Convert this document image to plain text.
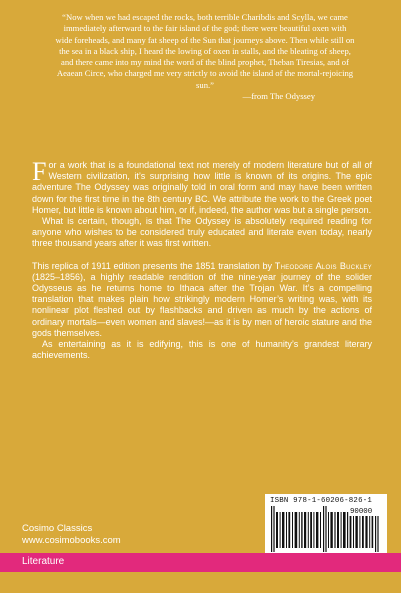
“Now when we had escaped the rocks, both terrible Charibdis and Scylla, we came immediately afterward to the fair island of the god; there were beautiful oxen with wide foreheads, and many fat sheep of the Sun that journeys above. Then while still on the sea in a black ship, I heard the lowing of oxen in stalls, and the bleating of sheep, and there came into my mind the word of the blind prophet, Theban Tiresias, and of Aeaean Circe, who charged me very strictly to avoid the island of the mortal-rejoicing sun.”
—from The Odyssey

For a work that is a foundational text not merely of modern literature but of all of Western civilization, it’s surprising how little is known of its origins. The epic adventure The Odyssey was originally told in oral form and may have been written down for the first time in the 8th century BC. We attribute the work to the Greek poet Homer, but little is known about him, or if, indeed, the author was but a single person.

What is certain, though, is that The Odyssey is absolutely required reading for anyone who wishes to be considered truly educated and literate even today, nearly three thousand years after it was first written.

This replica of 1911 edition presents the 1851 translation by Theodore Alois Buckley (1825–1856), a highly readable rendition of the nine-year journey of the solider Odysseus as he returns home to Ithaca after the Trojan War. It’s a compelling translation that makes plain how strikingly modern Homer’s writing was, with its nonlinear plot fleshed out by flashbacks and driven as much by the actions of ordinary mortals—even women and slaves!—as it is by men of heroic stature and the gods themselves.

As entertaining as it is edifying, this is one of humanity’s grandest literary achievements.

ISBN 978-1-60206-826-1
90000
Cosimo Classics
www.cosimobooks.com
Literature
